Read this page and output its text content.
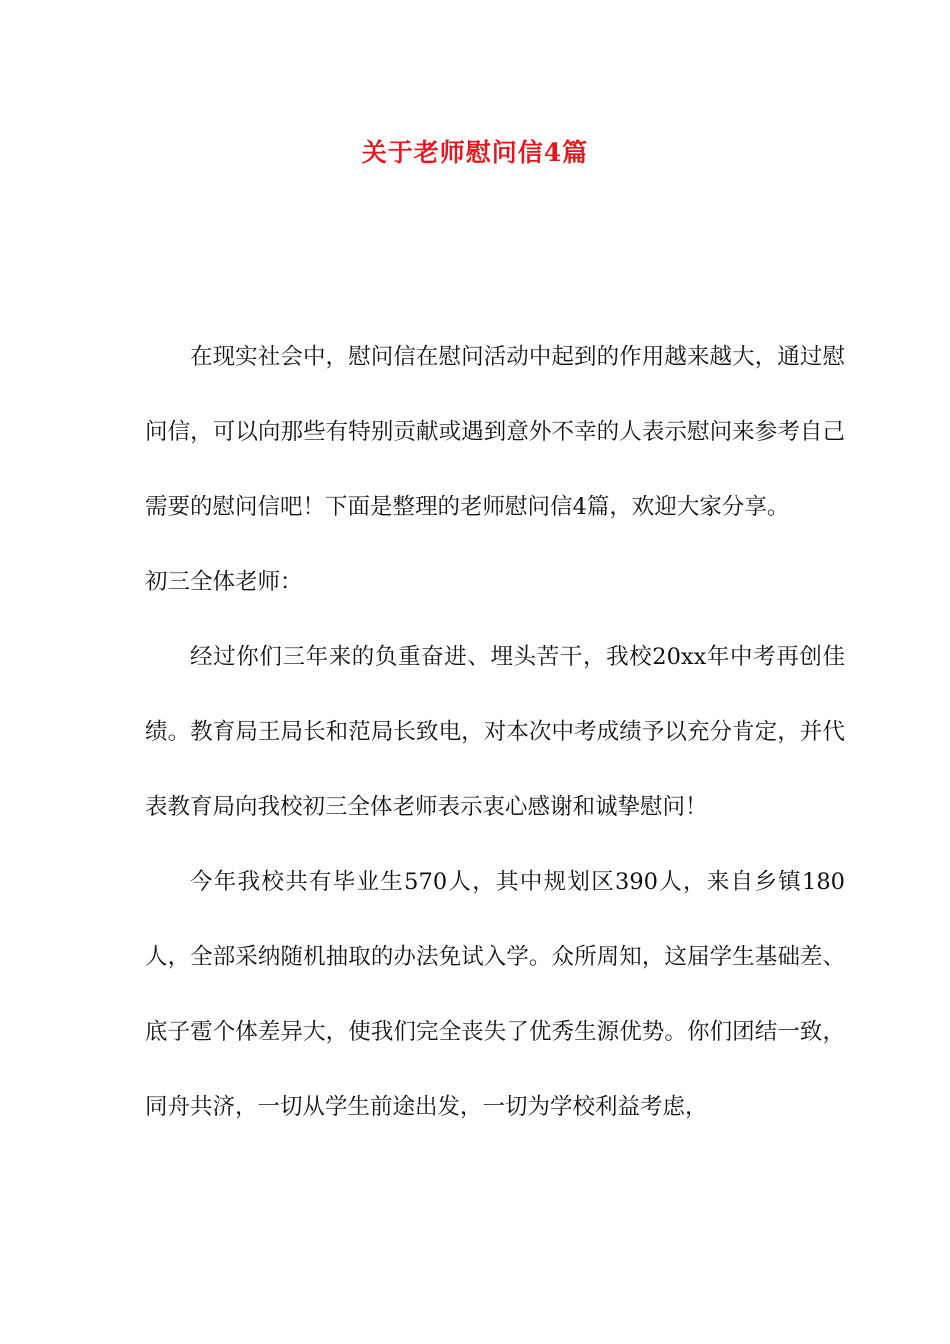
关于老师慰问信4篇

在现实社会中，慰问信在慰问活动中起到的作用越来越大，通过慰问信，可以向那些有特别贡献或遇到意外不幸的人表示慰问来参考自己需要的慰问信吧！下面是整理的老师慰问信4篇，欢迎大家分享。

初三全体老师：

经过你们三年来的负重奋进、埋头苦干，我校20xx年中考再创佳绩。教育局王局长和范局长致电，对本次中考成绩予以充分肯定，并代表教育局向我校初三全体老师表示衷心感谢和诚挚慰问！

今年我校共有毕业生570人，其中规划区390人，来自乡镇180人，全部采纳随机抽取的办法免试入学。众所周知，这届学生基础差、底子雹个体差异大，使我们完全丧失了优秀生源优势。你们团结一致，同舟共济，一切从学生前途出发，一切为学校利益考虑，
